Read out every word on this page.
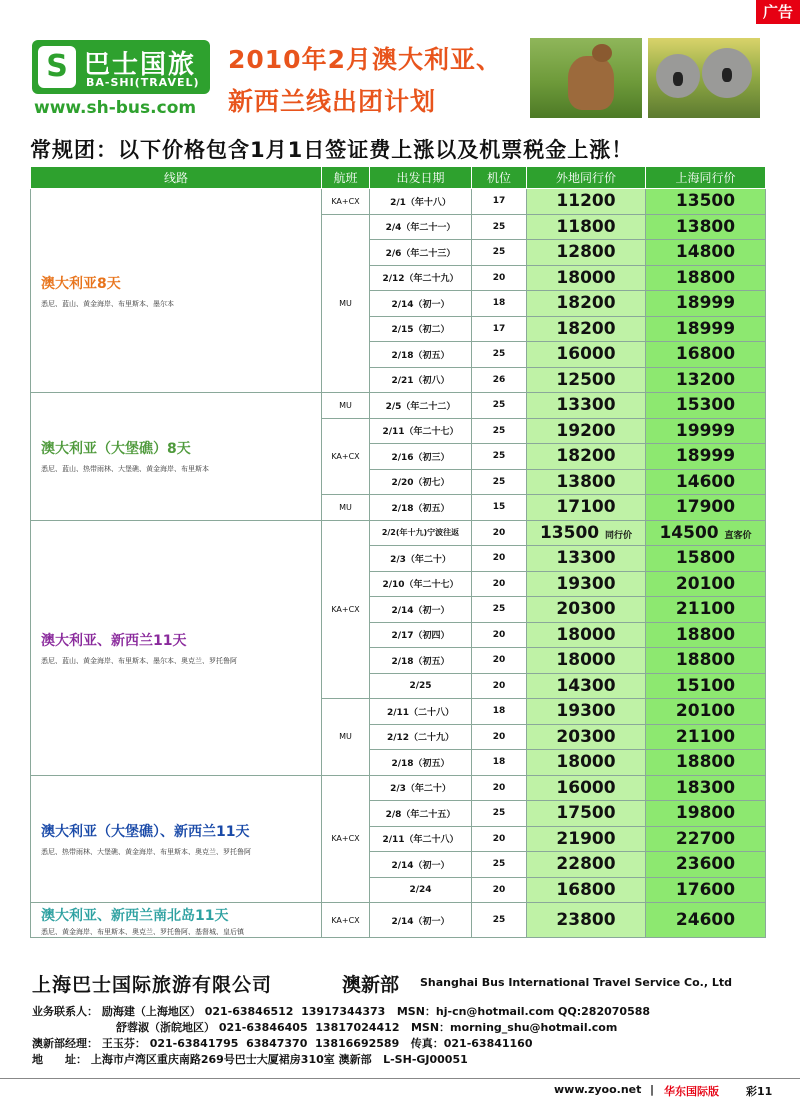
广告
S 巴士国旅
BA-SHI(TRAVEL)
www.sh-bus.com
2010年2月澳大利亚、
新西兰线出团计划
常规团：以下价格包含1月1日签证费上涨以及机票税金上涨！
线路	航班	出发日期	机位	外地同行价	上海同行价

澳大利亚8天
悉尼、蓝山、黄金海岸、布里斯本、墨尔本	KA+CX	2/1（年十八）	17	11200	13500
	MU	2/4（年二十一）	25	11800	13800
		2/6（年二十三）	25	12800	14800
		2/12（年二十九）	20	18000	18800
		2/14（初一）	18	18200	18999
		2/15（初二）	17	18200	18999
		2/18（初五）	25	16000	16800
		2/21（初八）	26	12500	13200

澳大利亚（大堡礁）8天
悉尼、蓝山、热带雨林、大堡礁、黄金海岸、布里斯本	MU	2/5（年二十二）	25	13300	15300
	KA+CX	2/11（年二十七）	25	19200	19999
		2/16（初三）	25	18200	18999
		2/20（初七）	25	13800	14600
	MU	2/18（初五）	15	17100	17900

澳大利亚、新西兰11天
悉尼、蓝山、黄金海岸、布里斯本、墨尔本、奥克兰、罗托鲁阿	KA+CX	2/2(年十九)宁波往返	20	13500 同行价	14500 直客价
		2/3（年二十）	20	13300	15800
		2/10（年二十七）	20	19300	20100
		2/14（初一）	25	20300	21100
		2/17（初四）	20	18000	18800
		2/18（初五）	20	18000	18800
		2/25	20	14300	15100
	MU	2/11（二十八）	18	19300	20100
		2/12（二十九）	20	20300	21100
		2/18（初五）	18	18000	18800

澳大利亚（大堡礁）、新西兰11天
悉尼、热带雨林、大堡礁、黄金海岸、布里斯本、奥克兰、罗托鲁阿	KA+CX	2/3（年二十）	20	16000	18300
		2/8（年二十五）	25	17500	19800
		2/11（年二十八）	20	21900	22700
		2/14（初一）	25	22800	23600
		2/24	20	16800	17600

澳大利亚、新西兰南北岛11天
悉尼、黄金海岸、布里斯本、奥克兰、罗托鲁阿、基督城、皇后镇	KA+CX	2/14（初一）	25	23800	24600
上海巴士国际旅游有限公司	澳新部 Shanghai Bus International Travel Service Co., Ltd
业务联系人： 励海建（上海地区） 021-63846512 13917344373 MSN：hj-cn@hotmail.com QQ:282070588
舒蓉淑（浙皖地区） 021-63846405 13817024412 MSN：morning_shu@hotmail.com
澳新部经理： 王玉芬： 021-63841795 63847370 13816692589 传真：021-63841160
地　　址： 上海市卢湾区重庆南路269号巴士大厦裙房310室 澳新部 L-SH-GJ00051
www.zyoo.net | 华东国际版 彩11
